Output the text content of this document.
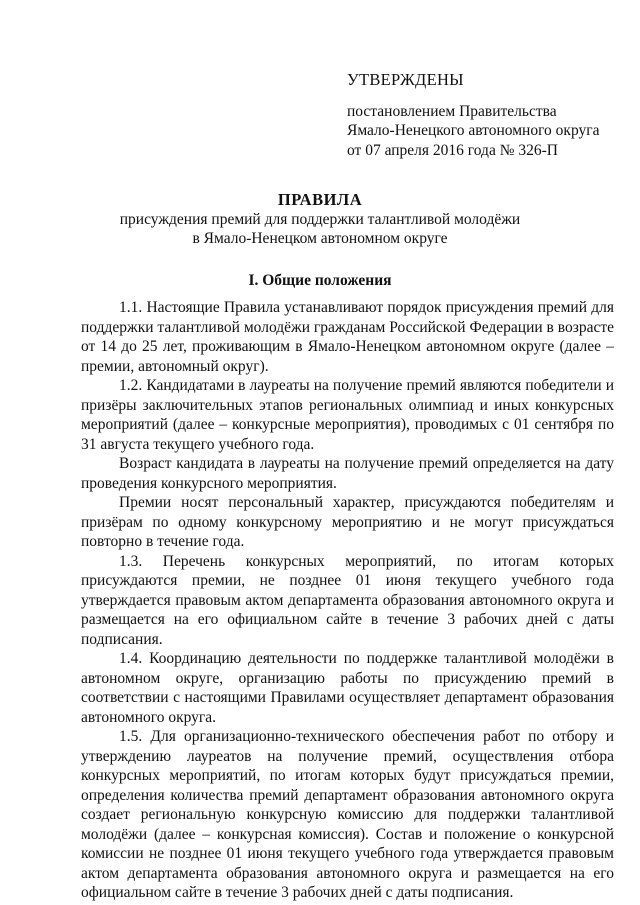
УТВЕРЖДЕНЫ
постановлением Правительства
Ямало-Ненецкого автономного округа
от 07 апреля 2016 года № 326-П
ПРАВИЛА
присуждения премий для поддержки талантливой молодёжи
в Ямало-Ненецком автономном округе
I. Общие положения

1.1. Настоящие Правила устанавливают порядок присуждения премий для поддержки талантливой молодёжи гражданам Российской Федерации в возрасте от 14 до 25 лет, проживающим в Ямало-Ненецком автономном округе (далее – премии, автономный округ).

1.2. Кандидатами в лауреаты на получение премий являются победители и призёры заключительных этапов региональных олимпиад и иных конкурсных мероприятий (далее – конкурсные мероприятия), проводимых с 01 сентября по 31 августа текущего учебного года.

Возраст кандидата в лауреаты на получение премий определяется на дату проведения конкурсного мероприятия.

Премии носят персональный характер, присуждаются победителям и призёрам по одному конкурсному мероприятию и не могут присуждаться повторно в течение года.

1.3. Перечень конкурсных мероприятий, по итогам которых присуждаются премии, не позднее 01 июня текущего учебного года утверждается правовым актом департамента образования автономного округа и размещается на его официальном сайте в течение 3 рабочих дней с даты подписания.

1.4. Координацию деятельности по поддержке талантливой молодёжи в автономном округе, организацию работы по присуждению премий в соответствии с настоящими Правилами осуществляет департамент образования автономного округа.

1.5. Для организационно-технического обеспечения работ по отбору и утверждению лауреатов на получение премий, осуществления отбора конкурсных мероприятий, по итогам которых будут присуждаться премии, определения количества премий департамент образования автономного округа создает региональную конкурсную комиссию для поддержки талантливой молодёжи (далее – конкурсная комиссия). Состав и положение о конкурсной комиссии не позднее 01 июня текущего учебного года утверждается правовым актом департамента образования автономного округа и размещается на его официальном сайте в течение 3 рабочих дней с даты подписания.
